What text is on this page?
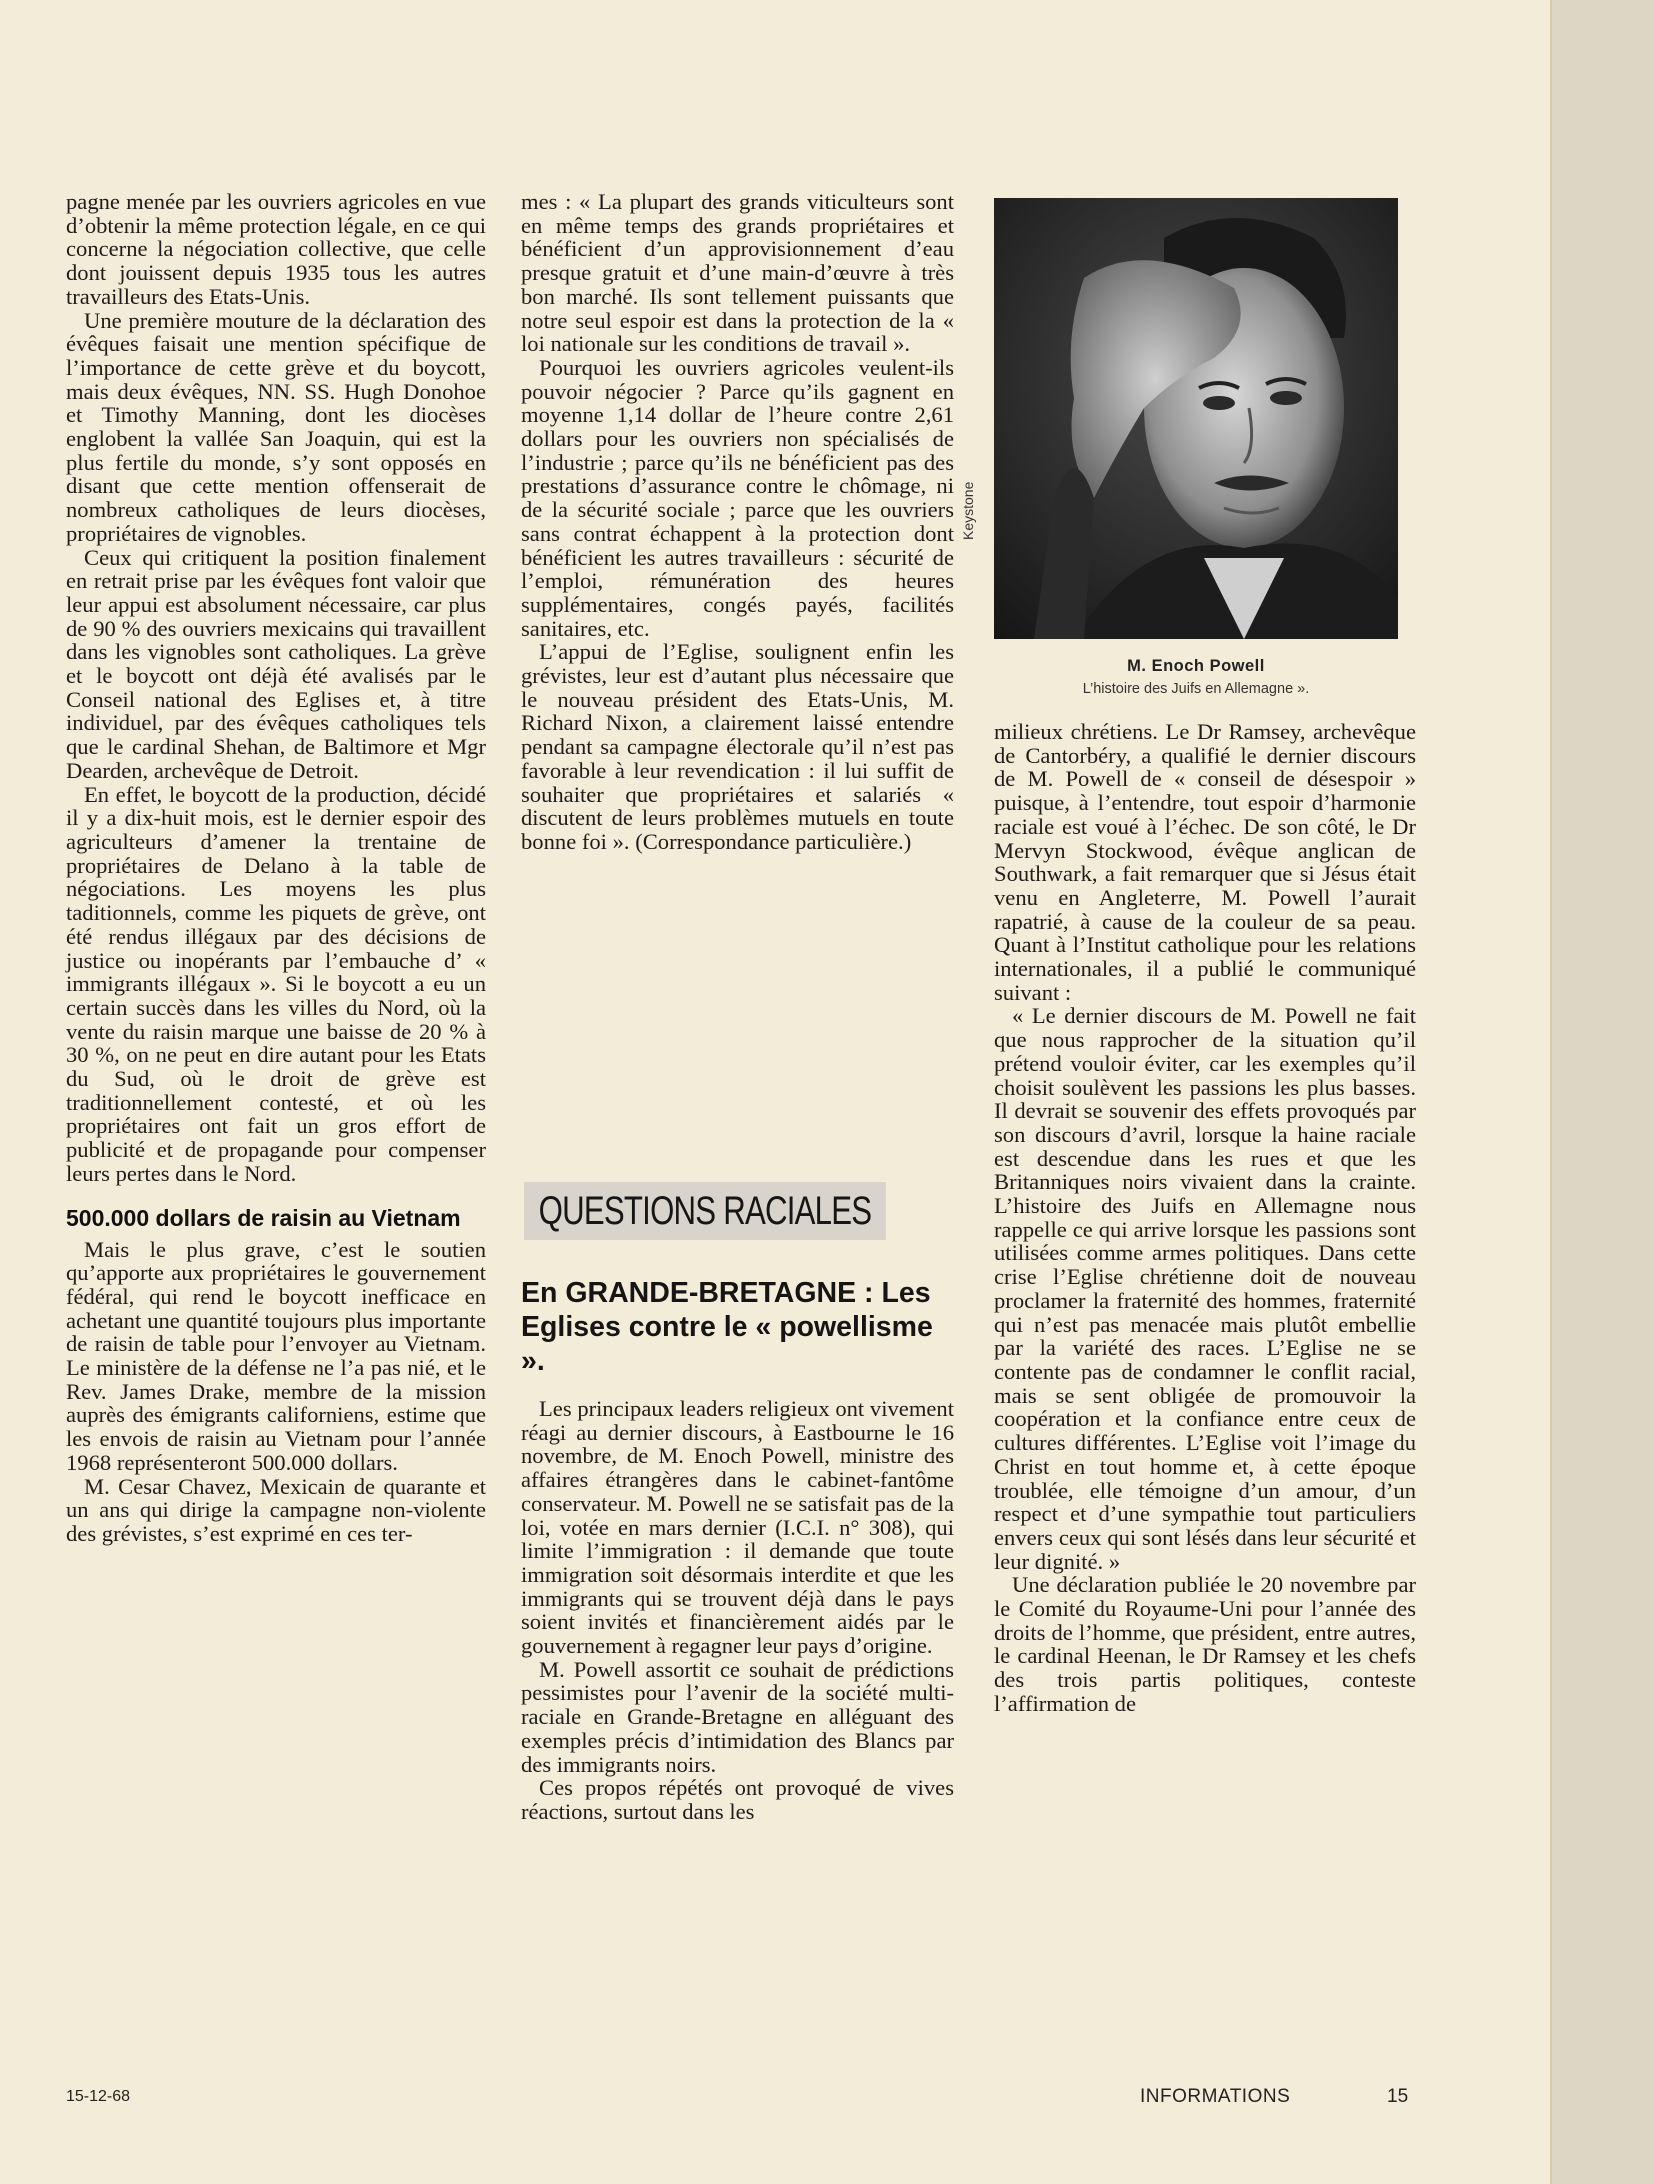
pagne menée par les ouvriers agricoles en vue d’obtenir la même protection légale, en ce qui concerne la négociation collective, que celle dont jouissent depuis 1935 tous les autres travailleurs des Etats-Unis.

Une première mouture de la déclaration des évêques faisait une mention spécifique de l’importance de cette grève et du boycott, mais deux évêques, NN. SS. Hugh Donohoe et Timothy Manning, dont les diocèses englobent la vallée San Joaquin, qui est la plus fertile du monde, s’y sont opposés en disant que cette mention offenserait de nombreux catholiques de leurs diocèses, propriétaires de vignobles.

Ceux qui critiquent la position finalement en retrait prise par les évêques font valoir que leur appui est absolument nécessaire, car plus de 90 % des ouvriers mexicains qui travaillent dans les vignobles sont catholiques. La grève et le boycott ont déjà été avalisés par le Conseil national des Eglises et, à titre individuel, par des évêques catholiques tels que le cardinal Shehan, de Baltimore et Mgr Dearden, archevêque de Detroit.

En effet, le boycott de la production, décidé il y a dix-huit mois, est le dernier espoir des agriculteurs d’amener la trentaine de propriétaires de Delano à la table de négociations. Les moyens les plus taditionnels, comme les piquets de grève, ont été rendus illégaux par des décisions de justice ou inopérants par l’embauche d’ « immigrants illégaux ». Si le boycott a eu un certain succès dans les villes du Nord, où la vente du raisin marque une baisse de 20 % à 30 %, on ne peut en dire autant pour les Etats du Sud, où le droit de grève est traditionnellement contesté, et où les propriétaires ont fait un gros effort de publicité et de propagande pour compenser leurs pertes dans le Nord.

500.000 dollars de raisin au Vietnam

Mais le plus grave, c’est le soutien qu’apporte aux propriétaires le gouvernement fédéral, qui rend le boycott inefficace en achetant une quantité toujours plus importante de raisin de table pour l’envoyer au Vietnam. Le ministère de la défense ne l’a pas nié, et le Rev. James Drake, membre de la mission auprès des émigrants californiens, estime que les envois de raisin au Vietnam pour l’année 1968 représenteront 500.000 dollars.

M. Cesar Chavez, Mexicain de quarante et un ans qui dirige la campagne non-violente des grévistes, s’est exprimé en ces ter-

mes : « La plupart des grands viticulteurs sont en même temps des grands propriétaires et bénéficient d’un approvisionnement d’eau presque gratuit et d’une main-d’œuvre à très bon marché. Ils sont tellement puissants que notre seul espoir est dans la protection de la « loi nationale sur les conditions de travail ».

Pourquoi les ouvriers agricoles veulent-ils pouvoir négocier ? Parce qu’ils gagnent en moyenne 1,14 dollar de l’heure contre 2,61 dollars pour les ouvriers non spécialisés de l’industrie ; parce qu’ils ne bénéficient pas des prestations d’assurance contre le chômage, ni de la sécurité sociale ; parce que les ouvriers sans contrat échappent à la protection dont bénéficient les autres travailleurs : sécurité de l’emploi, rémunération des heures supplémentaires, congés payés, facilités sanitaires, etc.

L’appui de l’Eglise, soulignent enfin les grévistes, leur est d’autant plus nécessaire que le nouveau président des Etats-Unis, M. Richard Nixon, a clairement laissé entendre pendant sa campagne électorale qu’il n’est pas favorable à leur revendication : il lui suffit de souhaiter que propriétaires et salariés « discutent de leurs problèmes mutuels en toute bonne foi ». (Correspondance particulière.)

QUESTIONS RACIALES
En GRANDE-BRETAGNE : Les Eglises contre le « powellisme ».

Les principaux leaders religieux ont vivement réagi au dernier discours, à Eastbourne le 16 novembre, de M. Enoch Powell, ministre des affaires étrangères dans le cabinet-fantôme conservateur. M. Powell ne se satisfait pas de la loi, votée en mars dernier (I.C.I. n° 308), qui limite l’immigration : il demande que toute immigration soit désormais interdite et que les immigrants qui se trouvent déjà dans le pays soient invités et financièrement aidés par le gouvernement à regagner leur pays d’origine.

M. Powell assortit ce souhait de prédictions pessimistes pour l’avenir de la société multi-raciale en Grande-Bretagne en alléguant des exemples précis d’intimidation des Blancs par des immigrants noirs.

Ces propos répétés ont provoqué de vives réactions, surtout dans les

Keystone
M. Enoch Powell
L’histoire des Juifs en Allemagne ».

milieux chrétiens. Le Dr Ramsey, archevêque de Cantorbéry, a qualifié le dernier discours de M. Powell de « conseil de désespoir » puisque, à l’entendre, tout espoir d’harmonie raciale est voué à l’échec. De son côté, le Dr Mervyn Stockwood, évêque anglican de Southwark, a fait remarquer que si Jésus était venu en Angleterre, M. Powell l’aurait rapatrié, à cause de la couleur de sa peau. Quant à l’Institut catholique pour les relations internationales, il a publié le communiqué suivant :

« Le dernier discours de M. Powell ne fait que nous rapprocher de la situation qu’il prétend vouloir éviter, car les exemples qu’il choisit soulèvent les passions les plus basses. Il devrait se souvenir des effets provoqués par son discours d’avril, lorsque la haine raciale est descendue dans les rues et que les Britanniques noirs vivaient dans la crainte. L’histoire des Juifs en Allemagne nous rappelle ce qui arrive lorsque les passions sont utilisées comme armes politiques. Dans cette crise l’Eglise chrétienne doit de nouveau proclamer la fraternité des hommes, fraternité qui n’est pas menacée mais plutôt embellie par la variété des races. L’Eglise ne se contente pas de condamner le conflit racial, mais se sent obligée de promouvoir la coopération et la confiance entre ceux de cultures différentes. L’Eglise voit l’image du Christ en tout homme et, à cette époque troublée, elle témoigne d’un amour, d’un respect et d’une sympathie tout particuliers envers ceux qui sont lésés dans leur sécurité et leur dignité. »

Une déclaration publiée le 20 novembre par le Comité du Royaume-Uni pour l’année des droits de l’homme, que président, entre autres, le cardinal Heenan, le Dr Ramsey et les chefs des trois partis politiques, conteste l’affirmation de

15-12-68	INFORMATIONS	15
